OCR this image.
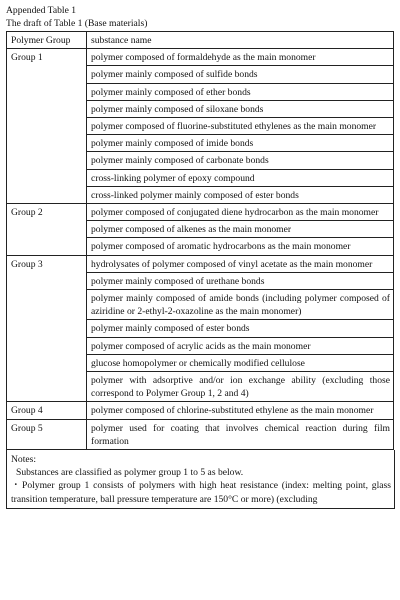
Appended Table 1

The draft of Table 1 (Base materials)

Polymer Group	substance name
Group 1	polymer composed of formaldehyde as the main monomer
	polymer mainly composed of sulfide bonds
	polymer mainly composed of ether bonds
	polymer mainly composed of siloxane bonds
	polymer composed of fluorine-substituted ethylenes as the main monomer
	polymer mainly composed of imide bonds
	polymer mainly composed of carbonate bonds
	cross-linking polymer of epoxy compound
	cross-linked polymer mainly composed of ester bonds
Group 2	polymer composed of conjugated diene hydrocarbon as the main monomer
	polymer composed of alkenes as the main monomer
	polymer composed of aromatic hydrocarbons as the main monomer
Group 3	hydrolysates of polymer composed of vinyl acetate as the main monomer
	polymer mainly composed of urethane bonds
	polymer mainly composed of amide bonds (including polymer composed of aziridine or 2-ethyl-2-oxazoline as the main monomer)
	polymer mainly composed of ester bonds
	polymer composed of acrylic acids as the main monomer
	glucose homopolymer or chemically modified cellulose
	polymer with adsorptive and/or ion exchange ability (excluding those correspond to Polymer Group 1, 2 and 4)
Group 4	polymer composed of chlorine-substituted ethylene as the main monomer
Group 5	polymer used for coating that involves chemical reaction during film formation

Notes:

Substances are classified as polymer group 1 to 5 as below.

・Polymer group 1 consists of polymers with high heat resistance (index: melting point, glass transition temperature, ball pressure temperature are 150°C or more) (excluding
